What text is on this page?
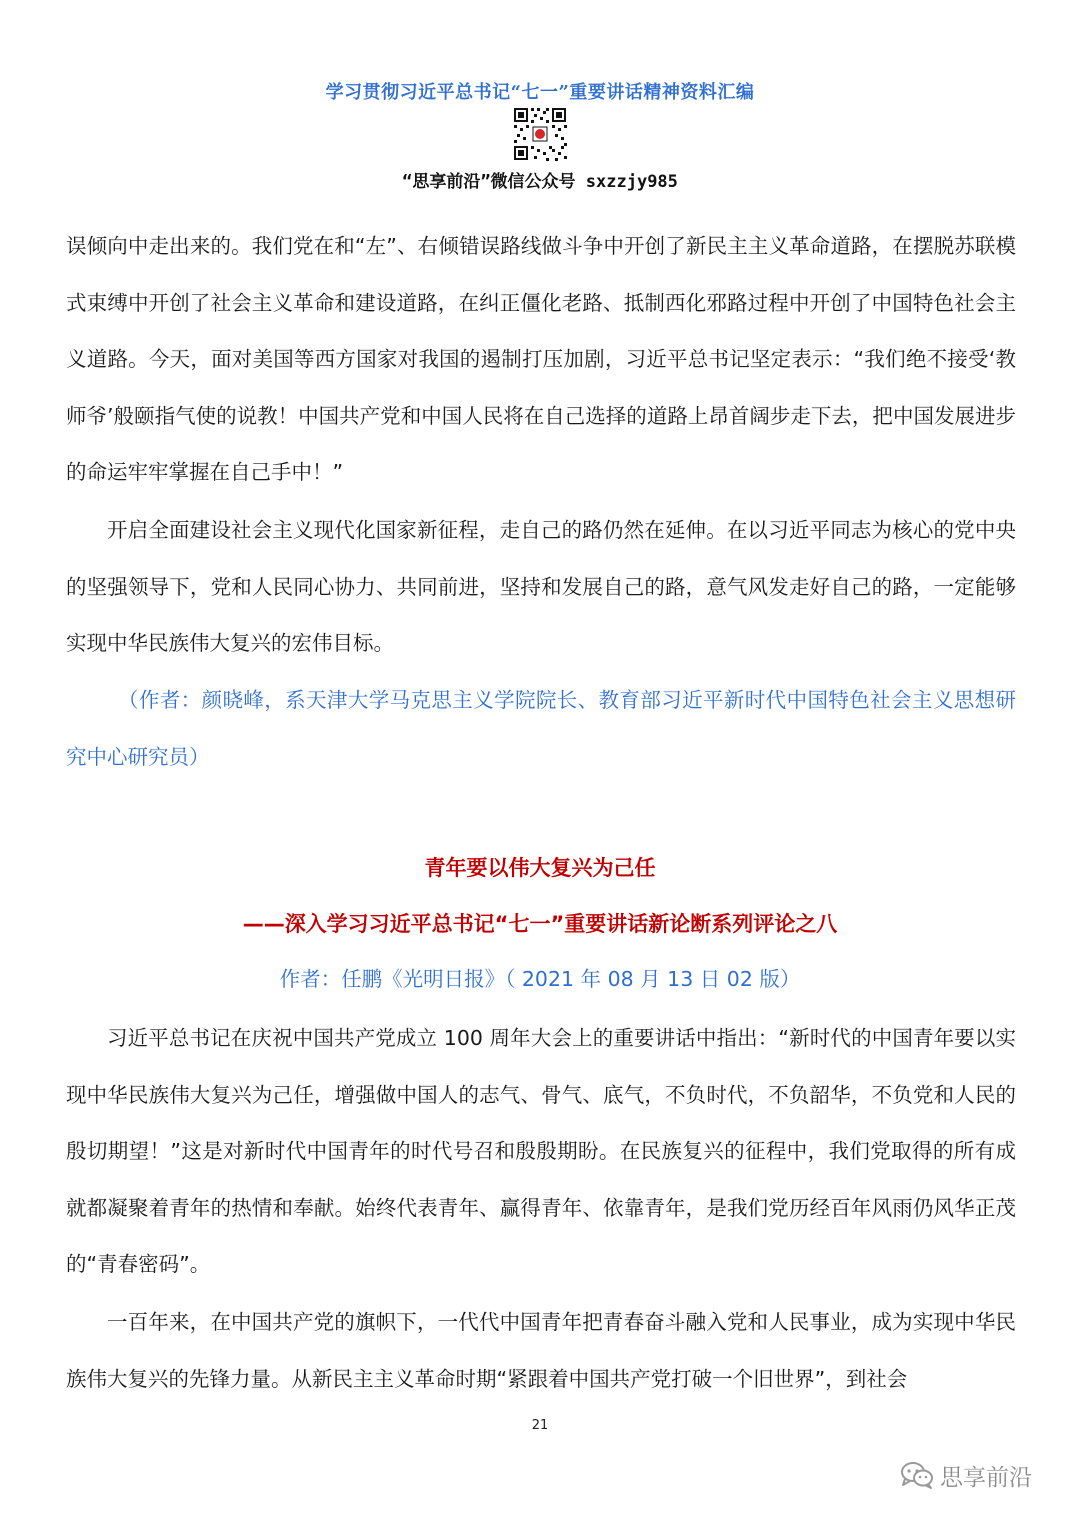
学习贯彻习近平总书记“七一”重要讲话精神资料汇编
“思享前沿”微信公众号 sxzzjy985
误倾向中走出来的。我们党在和“左”、右倾错误路线做斗争中开创了新民主主义革命道路，在摆脱苏联模式束缚中开创了社会主义革命和建设道路，在纠正僵化老路、抵制西化邪路过程中开创了中国特色社会主义道路。今天，面对美国等西方国家对我国的遏制打压加剧，习近平总书记坚定表示：“我们绝不接受‘教师爷’般颐指气使的说教！中国共产党和中国人民将在自己选择的道路上昂首阔步走下去，把中国发展进步的命运牢牢掌握在自己手中！”
开启全面建设社会主义现代化国家新征程，走自己的路仍然在延伸。在以习近平同志为核心的党中央的坚强领导下，党和人民同心协力、共同前进，坚持和发展自己的路，意气风发走好自己的路，一定能够实现中华民族伟大复兴的宏伟目标。
（作者：颜晓峰，系天津大学马克思主义学院院长、教育部习近平新时代中国特色社会主义思想研究中心研究员）
青年要以伟大复兴为己任
——深入学习习近平总书记“七一”重要讲话新论断系列评论之八
作者：任鹏《光明日报》（ 2021 年 08 月 13 日 02 版）
习近平总书记在庆祝中国共产党成立 100 周年大会上的重要讲话中指出：“新时代的中国青年要以实现中华民族伟大复兴为己任，增强做中国人的志气、骨气、底气，不负时代，不负韶华，不负党和人民的殷切期望！”这是对新时代中国青年的时代号召和殷殷期盼。在民族复兴的征程中，我们党取得的所有成就都凝聚着青年的热情和奉献。始终代表青年、赢得青年、依靠青年，是我们党历经百年风雨仍风华正茂的“青春密码”。
一百年来，在中国共产党的旗帜下，一代代中国青年把青春奋斗融入党和人民事业，成为实现中华民族伟大复兴的先锋力量。从新民主主义革命时期“紧跟着中国共产党打破一个旧世界”，到社会
21
思享前沿
